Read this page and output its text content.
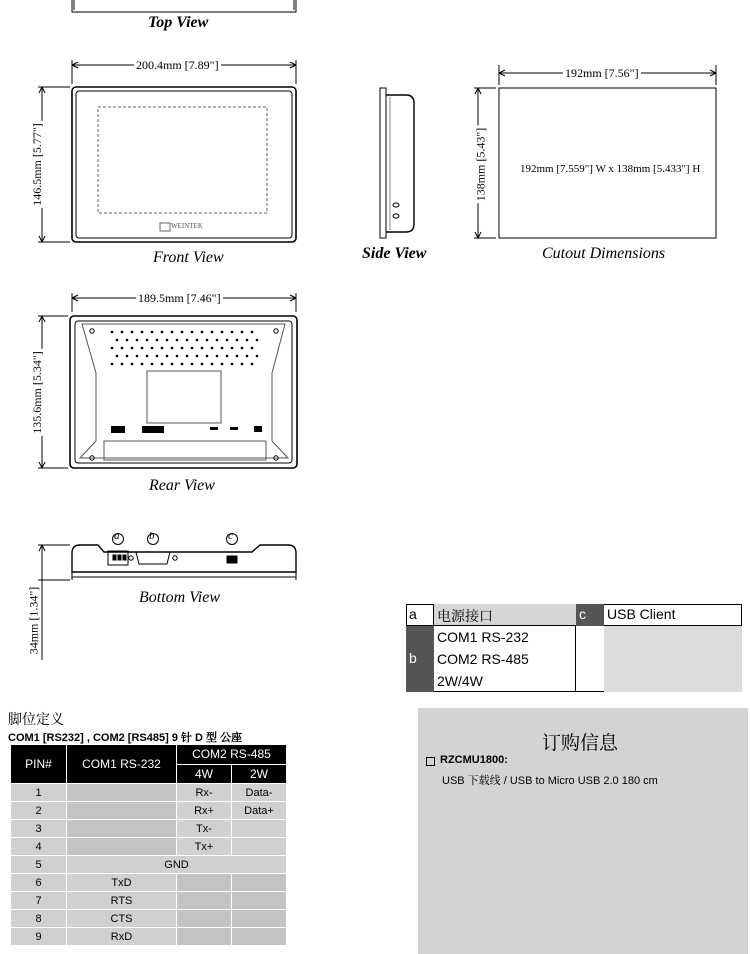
Top View
200.4mm [7.89"]
146.5mm [5.77"]
WEINTEK
Front View	Side View
192mm [7.56"]
138mm [5.43"]	192mm [7.559"] W x 138mm [5.433"] H
Cutout Dimensions
189.5mm [7.46"]
135.6mm [5.34"]
Rear View
a	b	c
34mm [1.34"]	Bottom View
a	电源接口	c	USB Client
b
COM1 RS-232
COM2 RS-485
2W/4W
脚位定义
COM1 [RS232] , COM2 [RS485] 9 针 D 型 公座
PIN#	COM1 RS-232	COM2 RS-485	
		4W	2W
1		Rx-	Data-
2		Rx+	Data+
3		Tx-	
4		Tx+	
5	GND		
6	TxD		
7	RTS		
8	CTS		
9	RxD		
订购信息
RZCMU1800:
USB 下载线 / USB to Micro USB 2.0 180 cm
